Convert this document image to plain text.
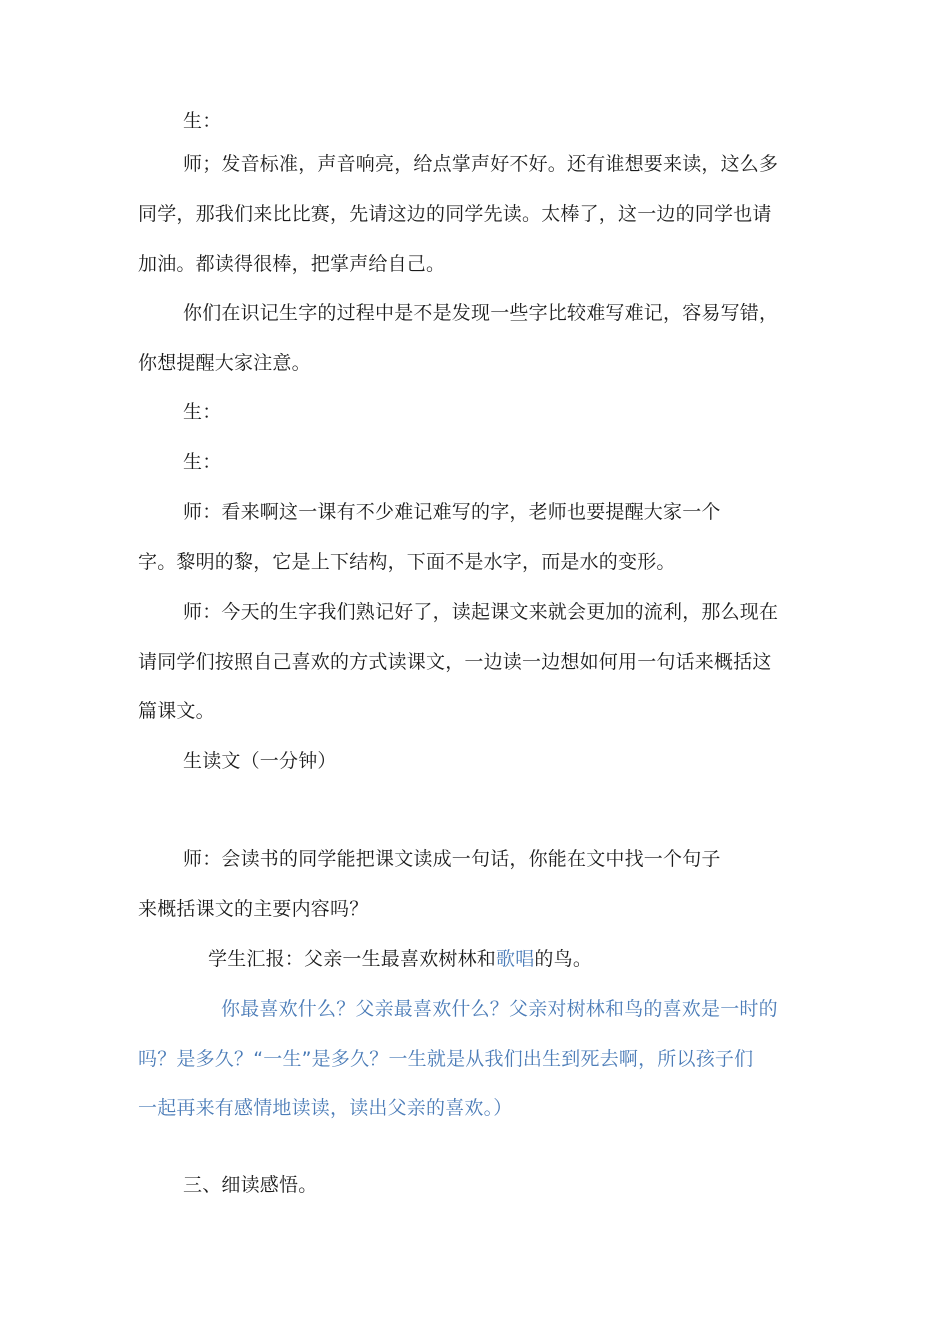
生：
师；发音标准，声音响亮，给点掌声好不好。还有谁想要来读，这么多
同学，那我们来比比赛，先请这边的同学先读。太棒了，这一边的同学也请
加油。都读得很棒，把掌声给自己。
你们在识记生字的过程中是不是发现一些字比较难写难记，容易写错，
你想提醒大家注意。
生：
生：
师：看来啊这一课有不少难记难写的字，老师也要提醒大家一个
字。黎明的黎，它是上下结构，下面不是水字，而是水的变形。
师：今天的生字我们熟记好了，读起课文来就会更加的流利，那么现在
请同学们按照自己喜欢的方式读课文，一边读一边想如何用一句话来概括这
篇课文。
生读文（一分钟）
师：会读书的同学能把课文读成一句话，你能在文中找一个句子
来概括课文的主要内容吗？
学生汇报：父亲一生最喜欢树林和歌唱的鸟。
你最喜欢什么？父亲最喜欢什么？父亲对树林和鸟的喜欢是一时的
吗？是多久？“一生”是多久？一生就是从我们出生到死去啊，所以孩子们
一起再来有感情地读读，读出父亲的喜欢。）
三、细读感悟。
